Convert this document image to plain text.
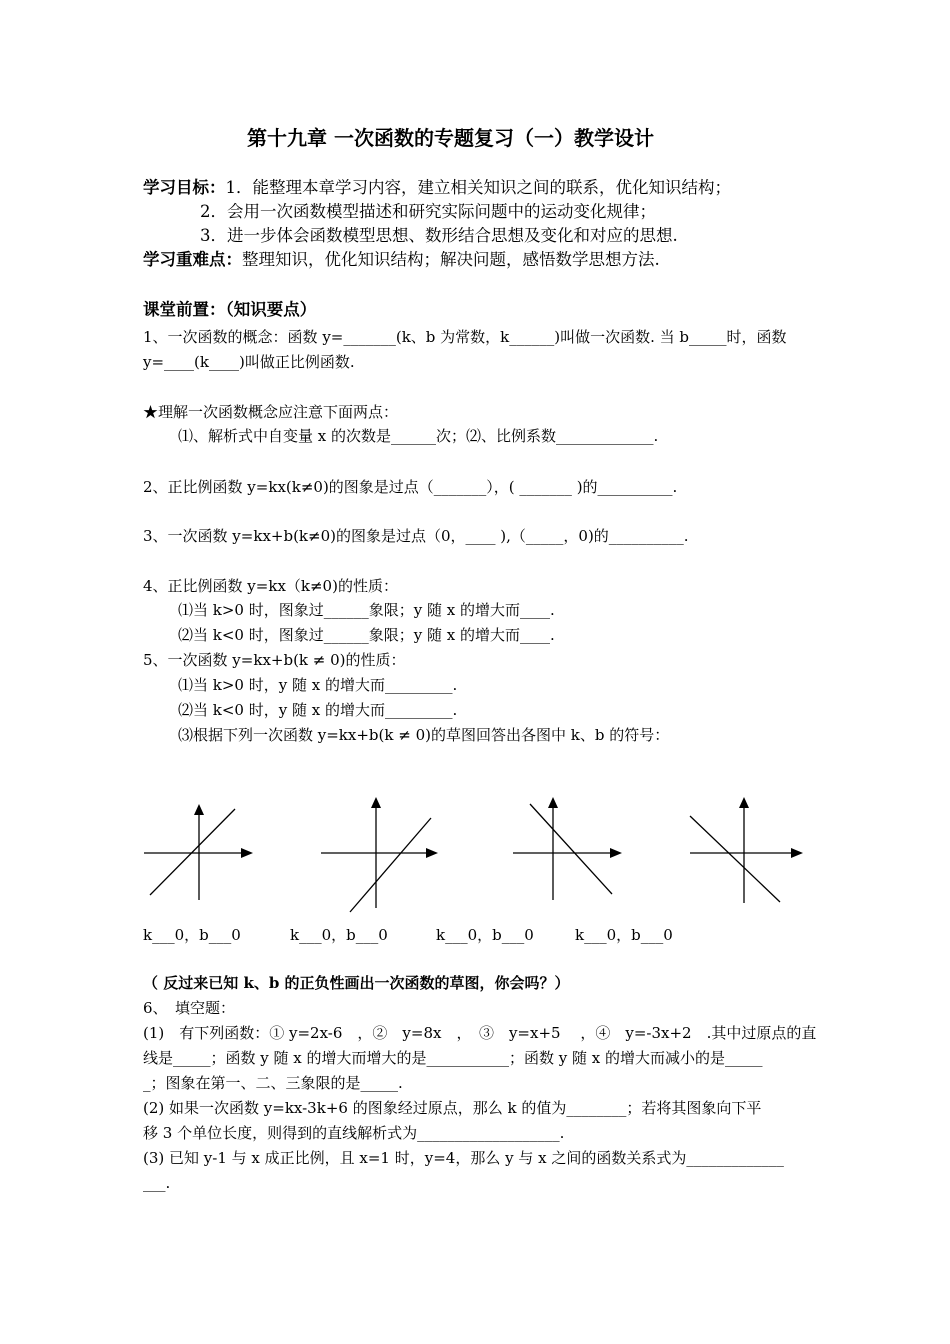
第十九章 一次函数的专题复习（一）教学设计
学习目标：1．能整理本章学习内容，建立相关知识之间的联系，优化知识结构；
2．会用一次函数模型描述和研究实际问题中的运动变化规律；
3．进一步体会函数模型思想、数形结合思想及变化和对应的思想.
学习重难点：整理知识，优化知识结构；解决问题，感悟数学思想方法.
课堂前置：（知识要点）
1、一次函数的概念：函数 y=_______(k、b 为常数，k______)叫做一次函数. 当 b_____时，函数
y=____(k____)叫做正比例函数.
★理解一次函数概念应注意下面两点：
⑴、解析式中自变量 x 的次数是______次；⑵、比例系数_____________.
2、正比例函数 y=kx(k≠0)的图象是过点（_______），( _______ )的__________.
3、一次函数 y=kx+b(k≠0)的图象是过点（0，____ ),（_____，0)的__________.
4、正比例函数 y=kx（k≠0)的性质：
⑴当 k>0 时，图象过______象限；y 随 x 的增大而____.
⑵当 k<0 时，图象过______象限；y 随 x 的增大而____.
5、一次函数 y=kx+b(k ≠ 0)的性质：
⑴当 k>0 时，y 随 x 的增大而_________.
⑵当 k<0 时，y 随 x 的增大而_________.
⑶根据下列一次函数 y=kx+b(k ≠ 0)的草图回答出各图中 k、b 的符号：
k___0，b___0	k___0，b___0	k___0，b___0	k___0，b___0
（ 反过来已知 k、b 的正负性画出一次函数的草图，你会吗？）
6、　填空题：
(1)　有下列函数：① y=2x-6　，②　y=8x　，　③　y=x+5　 ，④　y=-3x+2　.其中过原点的直
线是_____；函数 y 随 x 的增大而增大的是___________；函数 y 随 x 的增大而减小的是_____
_；图象在第一、二、三象限的是_____.
(2) 如果一次函数 y=kx-3k+6 的图象经过原点，那么 k 的值为________；若将其图象向下平
移 3 个单位长度，则得到的直线解析式为___________________.
(3) 已知 y-1 与 x 成正比例，且 x=1 时，y=4，那么 y 与 x 之间的函数关系式为_____________
___.
